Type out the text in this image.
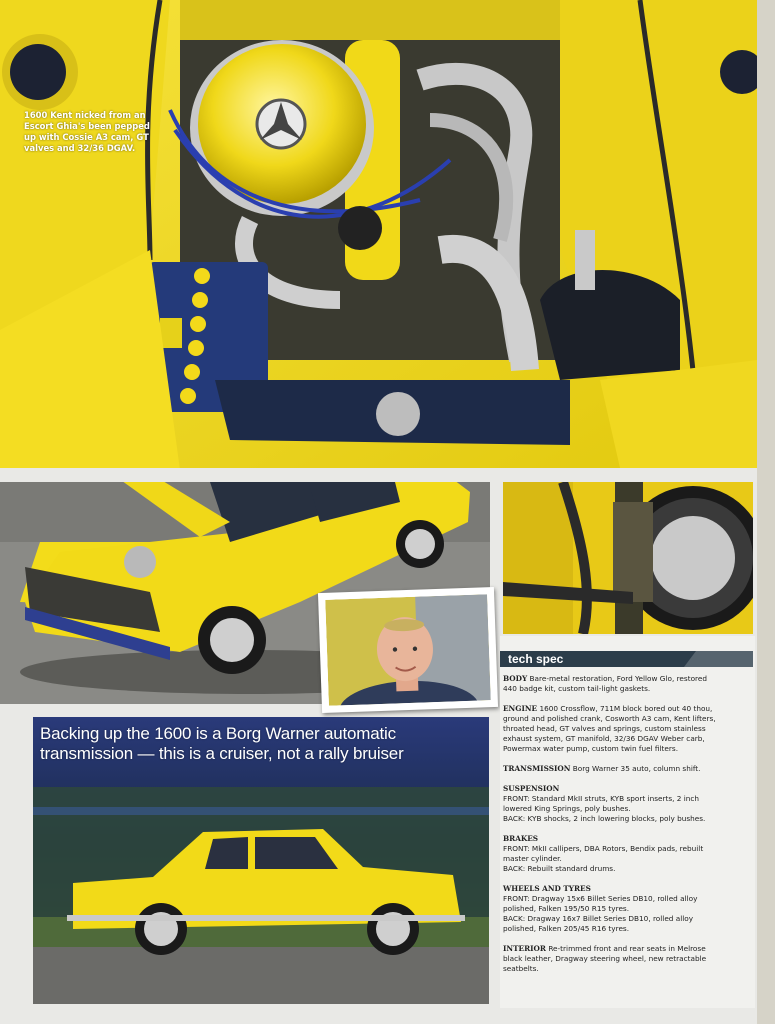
1600 Kent nicked from an Escort Ghia's been pepped up with Cossie A3 cam, GT valves and 32/36 DGAV.
tech spec
BODY Bare-metal restoration, Ford Yellow Glo, restored 440 badge kit, custom tail-light gaskets.
ENGINE 1600 Crossflow, 711M block bored out 40 thou, ground and polished crank, Cosworth A3 cam, Kent lifters, throated head, GT valves and springs, custom stainless exhaust system, GT manifold, 32/36 DGAV Weber carb, Powermax water pump, custom twin fuel filters.
TRANSMISSION Borg Warner 35 auto, column shift.
SUSPENSION
FRONT: Standard MkII struts, KYB sport inserts, 2 inch lowered King Springs, poly bushes.
BACK: KYB shocks, 2 inch lowering blocks, poly bushes.
BRAKES
FRONT: MkII callipers, DBA Rotors, Bendix pads, rebuilt master cylinder.
BACK: Rebuilt standard drums.
WHEELS AND TYRES
FRONT: Dragway 15x6 Billet Series DB10, rolled alloy polished, Falken 195/50 R15 tyres.
BACK: Dragway 16x7 Billet Series DB10, rolled alloy polished, Falken 205/45 R16 tyres.
INTERIOR Re-trimmed front and rear seats in Melrose black leather, Dragway steering wheel, new retractable seatbelts.
Backing up the 1600 is a Borg Warner automatic transmission — this is a cruiser, not a rally bruiser
